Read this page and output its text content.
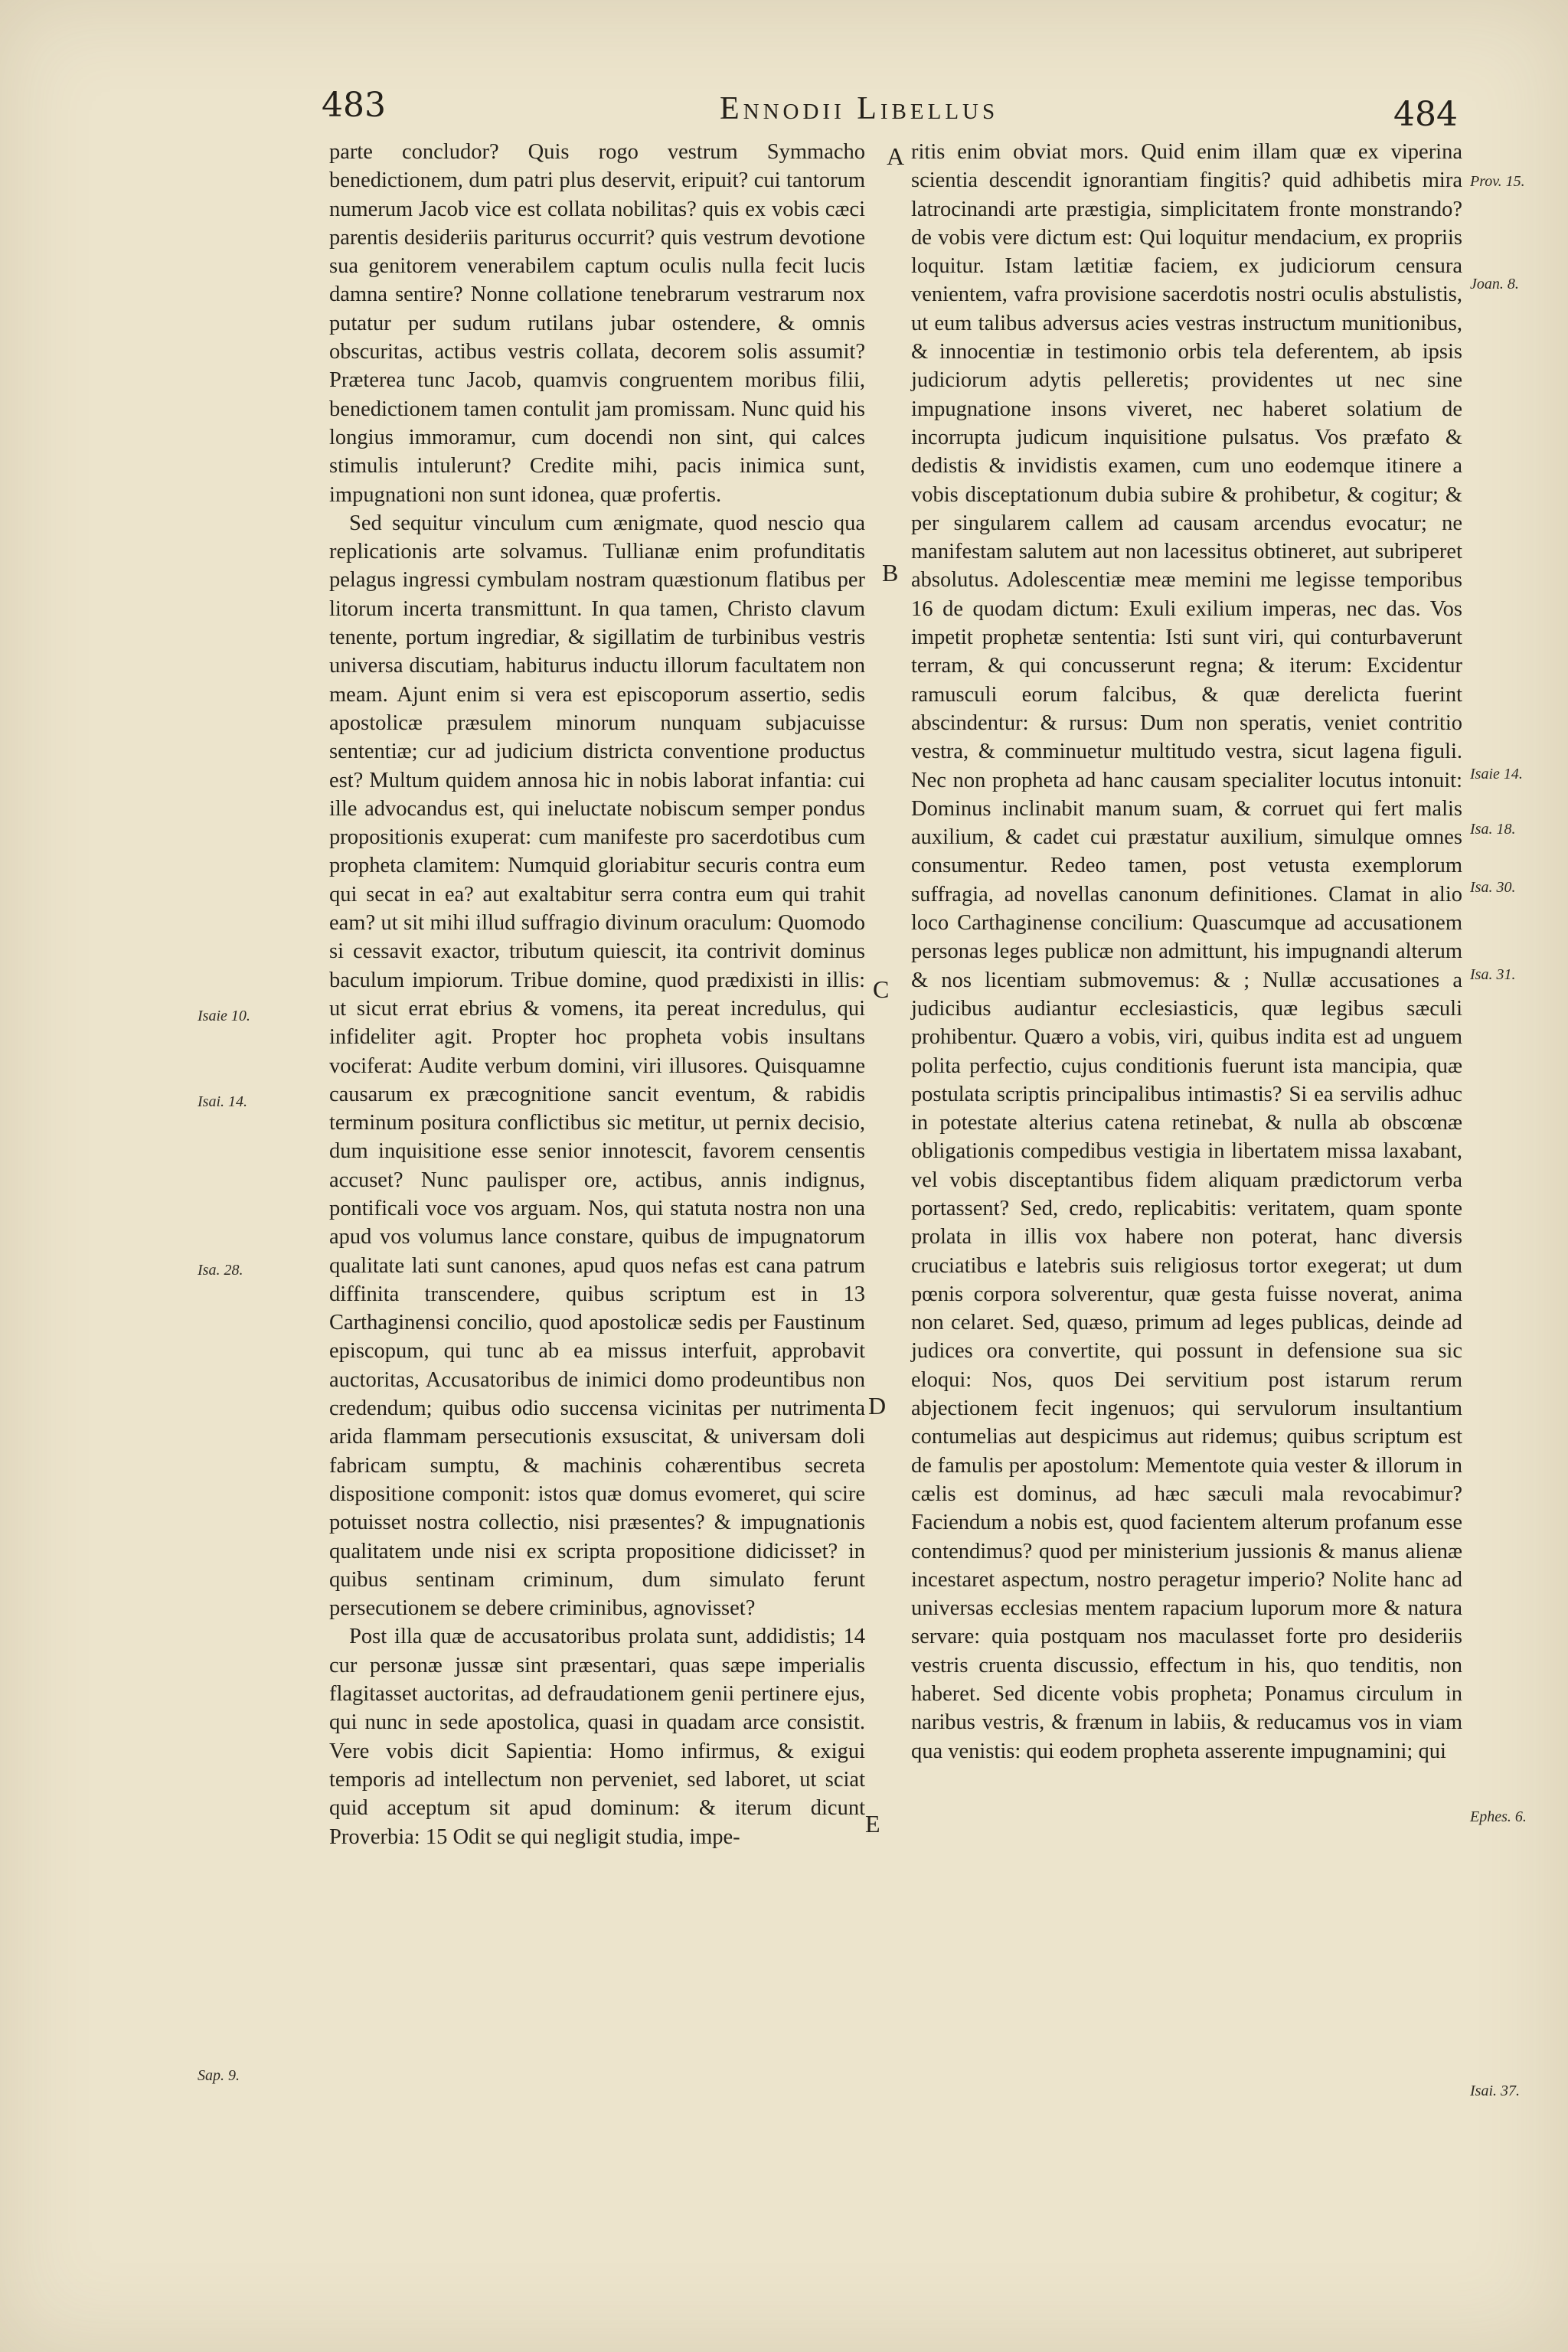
483	Ennodii Libellus	484
A
B
C
D
E
Isaie 10.
Isai. 14.
Isa. 28.
Sap. 9.
Prov. 15.
Joan. 8.
Isaie 14.
Isa. 18.
Isa. 30.
Isa. 31.
Ephes. 6.
Isai. 37.

parte concludor? Quis rogo vestrum Symmacho benedictionem, dum patri plus deservit, eripuit? cui tantorum numerum Jacob vice est collata nobilitas? quis ex vobis cæci parentis desideriis pariturus occurrit? quis vestrum devotione sua genitorem venerabilem captum oculis nulla fecit lucis damna sentire? Nonne collatione tenebrarum vestrarum nox putatur per sudum rutilans jubar ostendere, & omnis obscuritas, actibus vestris collata, decorem solis assumit? Præterea tunc Jacob, quamvis congruentem moribus filii, benedictionem tamen contulit jam promissam. Nunc quid his longius immoramur, cum docendi non sint, qui calces stimulis intulerunt? Credite mihi, pacis inimica sunt, impugnationi non sunt idonea, quæ profertis.

Sed sequitur vinculum cum ænigmate, quod nescio qua replicationis arte solvamus. Tullianæ enim profunditatis pelagus ingressi cymbulam nostram quæstionum flatibus per litorum incerta transmittunt. In qua tamen, Christo clavum tenente, portum ingrediar, & sigillatim de turbinibus vestris universa discutiam, habiturus inductu illorum facultatem non meam. Ajunt enim si vera est episcoporum assertio, sedis apostolicæ præsulem minorum nunquam subjacuisse sententiæ; cur ad judicium districta conventione productus est? Multum quidem annosa hic in nobis laborat infantia: cui ille advocandus est, qui ineluctate nobiscum semper pondus propositionis exuperat: cum manifeste pro sacerdotibus cum propheta clamitem: Numquid gloriabitur securis contra eum qui secat in ea? aut exaltabitur serra contra eum qui trahit eam? ut sit mihi illud suffragio divinum oraculum: Quomodo si cessavit exactor, tributum quiescit, ita contrivit dominus baculum impiorum. Tribue domine, quod prædixisti in illis: ut sicut errat ebrius & vomens, ita pereat incredulus, qui infideliter agit. Propter hoc propheta vobis insultans vociferat: Audite verbum domini, viri illusores. Quisquamne causarum ex præcognitione sancit eventum, & rabidis terminum positura conflictibus sic metitur, ut pernix decisio, dum inquisitione esse senior innotescit, favorem censentis accuset? Nunc paulisper ore, actibus, annis indignus, pontificali voce vos arguam. Nos, qui statuta nostra non una apud vos volumus lance constare, quibus de impugnatorum qualitate lati sunt canones, apud quos nefas est cana patrum diffinita transcendere, quibus scriptum est in 13 Carthaginensi concilio, quod apostolicæ sedis per Faustinum episcopum, qui tunc ab ea missus interfuit, approbavit auctoritas, Accusatoribus de inimici domo prodeuntibus non credendum; quibus odio succensa vicinitas per nutrimenta arida flammam persecutionis exsuscitat, & universam doli fabricam sumptu, & machinis cohærentibus secreta dispositione componit: istos quæ domus evomeret, qui scire potuisset nostra collectio, nisi præsentes? & impugnationis qualitatem unde nisi ex scripta propositione didicisset? in quibus sentinam criminum, dum simulato ferunt persecutionem se debere criminibus, agnovisset?

Post illa quæ de accusatoribus prolata sunt, addidistis; 14 cur personæ jussæ sint præsentari, quas sæpe imperialis flagitasset auctoritas, ad defraudationem genii pertinere ejus, qui nunc in sede apostolica, quasi in quadam arce consistit. Vere vobis dicit Sapientia: Homo infirmus, & exigui temporis ad intellectum non perveniet, sed laboret, ut sciat quid acceptum sit apud dominum: & iterum dicunt Proverbia: 15 Odit se qui negligit studia, impe-

ritis enim obviat mors. Quid enim illam quæ ex viperina scientia descendit ignorantiam fingitis? quid adhibetis mira latrocinandi arte præstigia, simplicitatem fronte monstrando? de vobis vere dictum est: Qui loquitur mendacium, ex propriis loquitur. Istam lætitiæ faciem, ex judiciorum censura venientem, vafra provisione sacerdotis nostri oculis abstulistis, ut eum talibus adversus acies vestras instructum munitionibus, & innocentiæ in testimonio orbis tela deferentem, ab ipsis judiciorum adytis pelleretis; providentes ut nec sine impugnatione insons viveret, nec haberet solatium de incorrupta judicum inquisitione pulsatus. Vos præfato & dedistis & invidistis examen, cum uno eodemque itinere a vobis disceptationum dubia subire & prohibetur, & cogitur; & per singularem callem ad causam arcendus evocatur; ne manifestam salutem aut non lacessitus obtineret, aut subriperet absolutus. Adolescentiæ meæ memini me legisse temporibus 16 de quodam dictum: Exuli exilium imperas, nec das. Vos impetit prophetæ sententia: Isti sunt viri, qui conturbaverunt terram, & qui concusserunt regna; & iterum: Excidentur ramusculi eorum falcibus, & quæ derelicta fuerint abscindentur: & rursus: Dum non speratis, veniet contritio vestra, & comminuetur multitudo vestra, sicut lagena figuli. Nec non propheta ad hanc causam specialiter locutus intonuit: Dominus inclinabit manum suam, & corruet qui fert malis auxilium, & cadet cui præstatur auxilium, simulque omnes consumentur. Redeo tamen, post vetusta exemplorum suffragia, ad novellas canonum definitiones. Clamat in alio loco Carthaginense concilium: Quascumque ad accusationem personas leges publicæ non admittunt, his impugnandi alterum & nos licentiam submovemus: & ; Nullæ accusationes a judicibus audiantur ecclesiasticis, quæ legibus sæculi prohibentur. Quæro a vobis, viri, quibus indita est ad unguem polita perfectio, cujus conditionis fuerunt ista mancipia, quæ postulata scriptis principalibus intimastis? Si ea servilis adhuc in potestate alterius catena retinebat, & nulla ab obscœnæ obligationis compedibus vestigia in libertatem missa laxabant, vel vobis disceptantibus fidem aliquam prædictorum verba portassent? Sed, credo, replicabitis: veritatem, quam sponte prolata in illis vox habere non poterat, hanc diversis cruciatibus e latebris suis religiosus tortor exegerat; ut dum pœnis corpora solverentur, quæ gesta fuisse noverat, anima non celaret. Sed, quæso, primum ad leges publicas, deinde ad judices ora convertite, qui possunt in defensione sua sic eloqui: Nos, quos Dei servitium post istarum rerum abjectionem fecit ingenuos; qui servulorum insultantium contumelias aut despicimus aut ridemus; quibus scriptum est de famulis per apostolum: Mementote quia vester & illorum in cælis est dominus, ad hæc sæculi mala revocabimur? Faciendum a nobis est, quod facientem alterum profanum esse contendimus? quod per ministerium jussionis & manus alienæ incestaret aspectum, nostro peragetur imperio? Nolite hanc ad universas ecclesias mentem rapacium luporum more & natura servare: quia postquam nos maculasset forte pro desideriis vestris cruenta discussio, effectum in his, quo tenditis, non haberet. Sed dicente vobis propheta; Ponamus circulum in naribus vestris, & frænum in labiis, & reducamus vos in viam qua venistis: qui eodem propheta asserente impugnamini; qui
